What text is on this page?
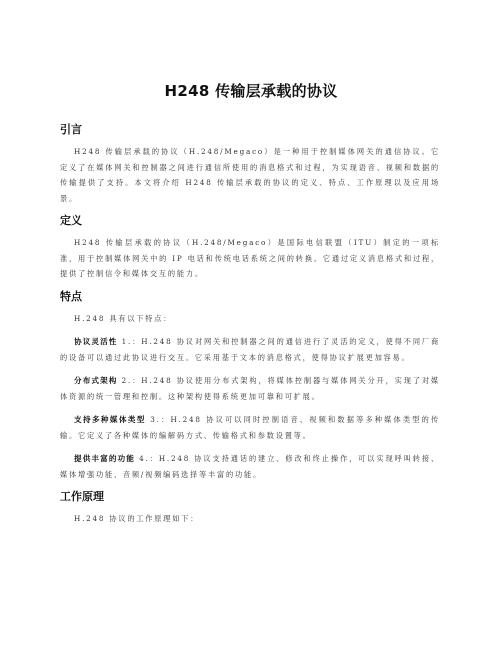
H248 传输层承载的协议
引言
H248 传输层承载的协议（H.248/Megaco）是一种用于控制媒体网关的通信协议。它定义了在媒体网关和控制器之间进行通信所使用的消息格式和过程，为实现语音、视频和数据的传输提供了支持。本文将介绍 H248 传输层承载的协议的定义、特点、工作原理以及应用场景。
定义
H248 传输层承载的协议（H.248/Megaco）是国际电信联盟（ITU）制定的一项标准，用于控制媒体网关中的 IP 电话和传统电话系统之间的转换。它通过定义消息格式和过程，提供了控制信令和媒体交互的能力。
特点
H.248 具有以下特点：
协议灵活性 1.：H.248 协议对网关和控制器之间的通信进行了灵活的定义，使得不同厂商的设备可以通过此协议进行交互。它采用基于文本的消息格式，使得协议扩展更加容易。
分布式架构 2.：H.248 协议使用分布式架构，将媒体控制器与媒体网关分开，实现了对媒体资源的统一管理和控制。这种架构使得系统更加可靠和可扩展。
支持多种媒体类型 3.：H.248 协议可以同时控制语音、视频和数据等多种媒体类型的传输。它定义了各种媒体的编解码方式、传输格式和参数设置等。
提供丰富的功能 4.：H.248 协议支持通话的建立、修改和终止操作，可以实现呼叫转接、媒体增强功能、音频/视频编码选择等丰富的功能。
工作原理
H.248 协议的工作原理如下：
